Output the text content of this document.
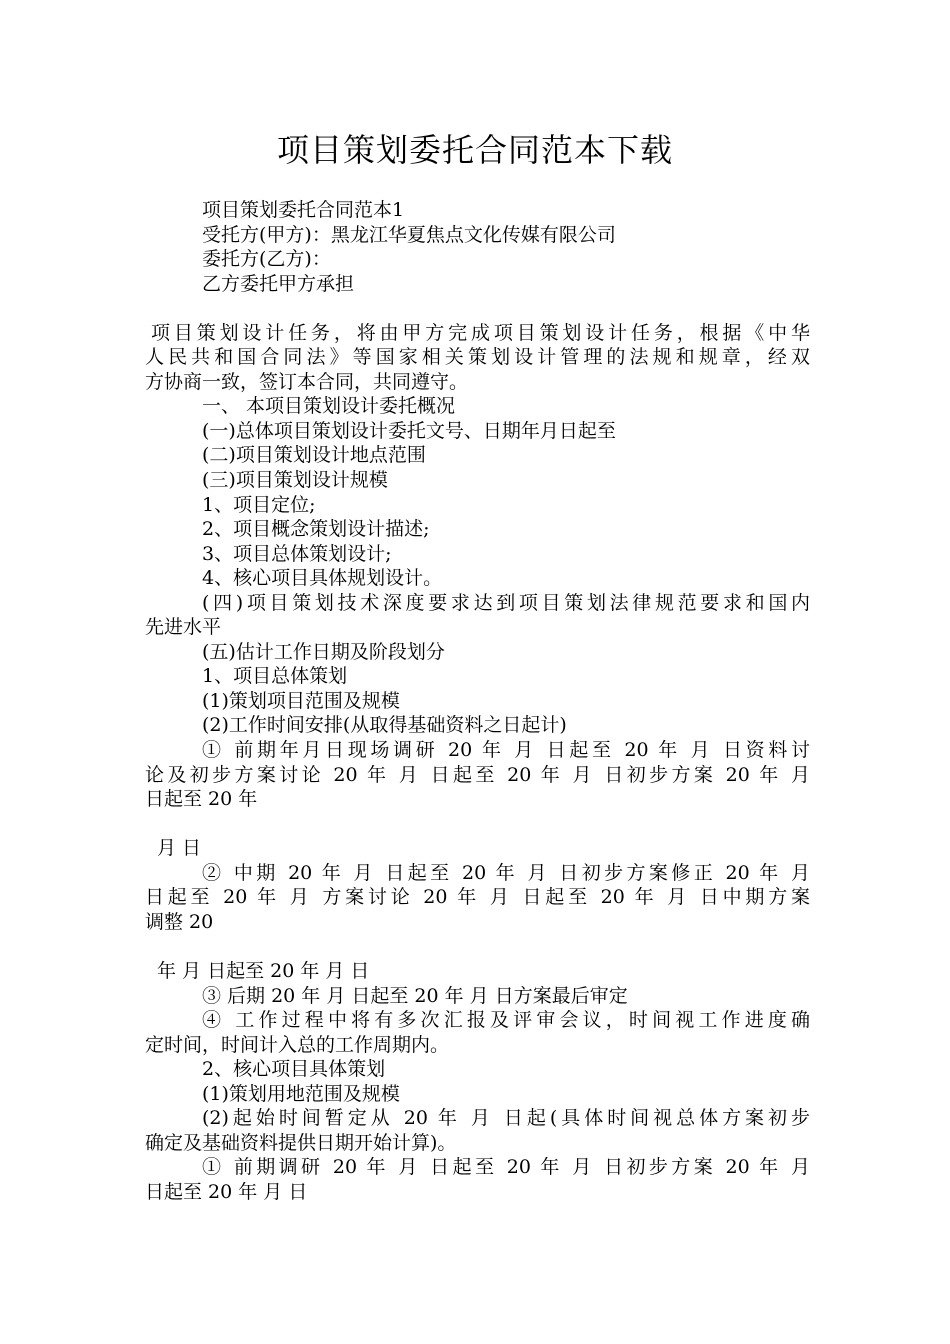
项目策划委托合同范本下载
项目策划委托合同范本1
受托方(甲方)：黑龙江华夏焦点文化传媒有限公司
委托方(乙方)：
乙方委托甲方承担
项目策划设计任务，将由甲方完成项目策划设计任务，根据《中华
人民共和国合同法》等国家相关策划设计管理的法规和规章，经双
方协商一致，签订本合同，共同遵守。
一、 本项目策划设计委托概况
(一)总体项目策划设计委托文号、日期年月日起至
(二)项目策划设计地点范围
(三)项目策划设计规模
1、项目定位;
2、项目概念策划设计描述;
3、项目总体策划设计;
4、核心项目具体规划设计。
(四)项目策划技术深度要求达到项目策划法律规范要求和国内
先进水平
(五)估计工作日期及阶段划分
1、项目总体策划
(1)策划项目范围及规模
(2)工作时间安排(从取得基础资料之日起计)
① 前期年月日现场调研 20 年 月 日起至 20 年 月 日资料讨
论及初步方案讨论 20 年 月 日起至 20 年 月 日初步方案 20 年 月
日起至 20 年
月 日
② 中期 20 年 月 日起至 20 年 月 日初步方案修正 20 年 月
日起至 20 年 月 方案讨论 20 年 月 日起至 20 年 月 日中期方案
调整 20
年 月 日起至 20 年 月 日
③ 后期 20 年 月 日起至 20 年 月 日方案最后审定
④ 工作过程中将有多次汇报及评审会议，时间视工作进度确
定时间，时间计入总的工作周期内。
2、核心项目具体策划
(1)策划用地范围及规模
(2)起始时间暂定从 20 年 月 日起(具体时间视总体方案初步
确定及基础资料提供日期开始计算)。
① 前期调研 20 年 月 日起至 20 年 月 日初步方案 20 年 月
日起至 20 年 月 日
